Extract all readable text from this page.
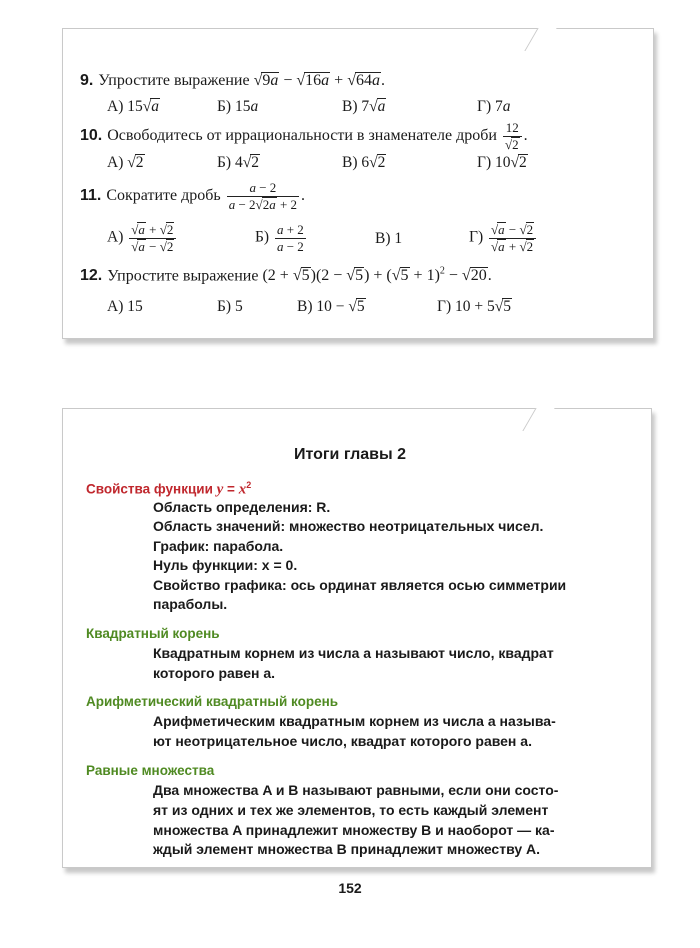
9. Упростите выражение √9a − √16a + √64a.
А) 15√a	Б) 15a	В) 7√a	Г) 7a
10. Освободитесь от иррациональности в знаменателе дроби $\frac{12}{√2}$ .
А) √2	Б) 4√2	В) 6√2	Г) 10√2
11. Сократите дробь $\frac{a - 2}{a - 2√2a + 2}$ .
$А) \frac{√a + √2}{√a - √2}$	$Б) \frac{a + 2}{a - 2}$	В) 1	$Г) \frac{√a - √2}{√a + √2}$
12. Упростите выражение $(2 + √5)(2 - √5) + (√5 + 1)^2 - √20$.
А) 15	Б) 5	В) 10 − √5	Г) 10 + 5√5
Итоги главы 2
Свойства функции $y = x^2$
Область определения: R.
Область значений: множество неотрицательных чисел.
График: парабола.
Нуль функции: x = 0.
Свойство графика: ось ординат является осью симметрии
параболы.
Квадратный корень
Квадратным корнем из числа a называют число, квадрат
которого равен a.
Арифметический квадратный корень
Арифметическим квадратным корнем из числа a называ-
ют неотрицательное число, квадрат которого равен a.
Равные множества
Два множества A и B называют равными, если они состо-
ят из одних и тех же элементов, то есть каждый элемент
множества A принадлежит множеству B и наоборот — ка-
ждый элемент множества B принадлежит множеству A.
152
